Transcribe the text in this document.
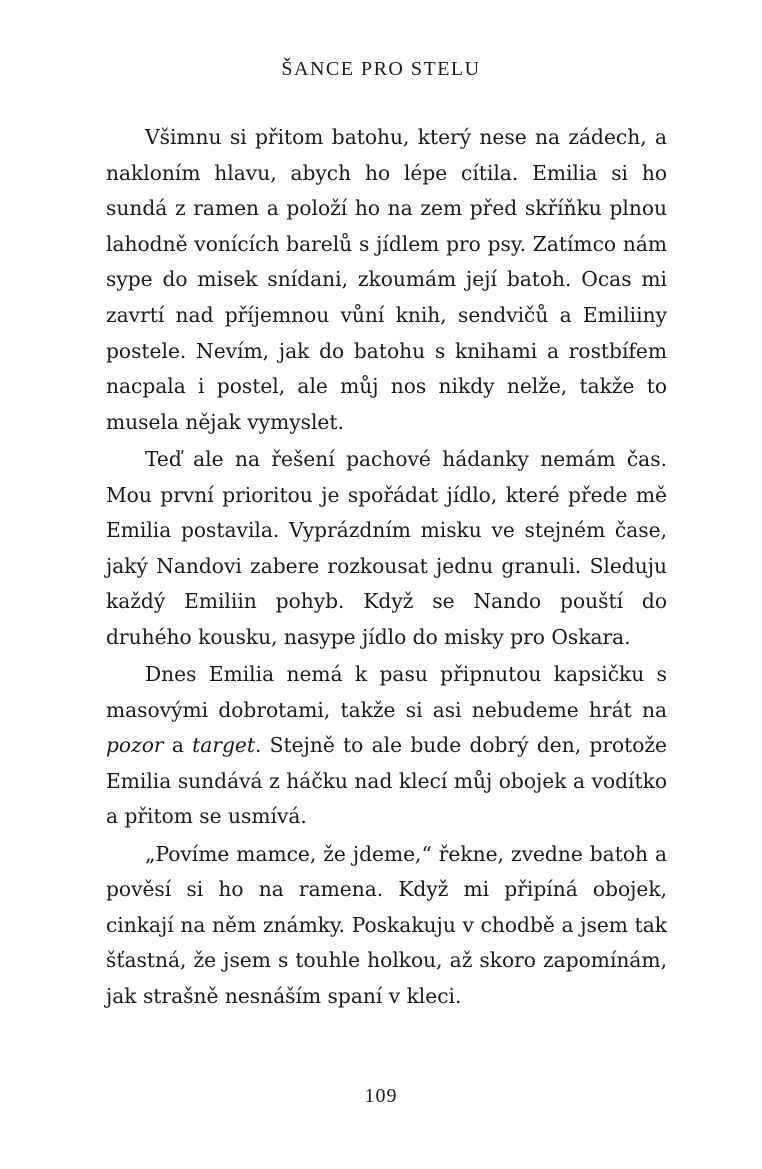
ŠANCE PRO STELU

Všimnu si přitom batohu, který nese na zádech, a nakloním hlavu, abych ho lépe cítila. Emilia si ho sundá z ramen a položí ho na zem před skříňku plnou lahodně vonících barelů s jídlem pro psy. Zatímco nám sype do misek snídani, zkoumám její batoh. Ocas mi zavrtí nad příjemnou vůní knih, sendvičů a Emiliiny postele. Nevím, jak do batohu s knihami a rostbífem nacpala i postel, ale můj nos nikdy nelže, takže to musela nějak vymyslet.

Teď ale na řešení pachové hádanky nemám čas. Mou první prioritou je spořádat jídlo, které přede mě Emilia postavila. Vyprázdním misku ve stejném čase, jaký Nandovi zabere rozkousat jednu granuli. Sleduju každý Emiliin pohyb. Když se Nando pouští do druhého kousku, nasype jídlo do misky pro Oskara.

Dnes Emilia nemá k pasu připnutou kapsičku s masovými dobrotami, takže si asi nebudeme hrát na pozor a target. Stejně to ale bude dobrý den, protože Emilia sundává z háčku nad klecí můj obojek a vodítko a přitom se usmívá.

„Povíme mamce, že jdeme,“ řekne, zvedne batoh a pověsí si ho na ramena. Když mi připíná obojek, cinkají na něm známky. Poskakuju v chodbě a jsem tak šťastná, že jsem s touhle holkou, až skoro zapomínám, jak strašně nesnáším spaní v kleci.

109
